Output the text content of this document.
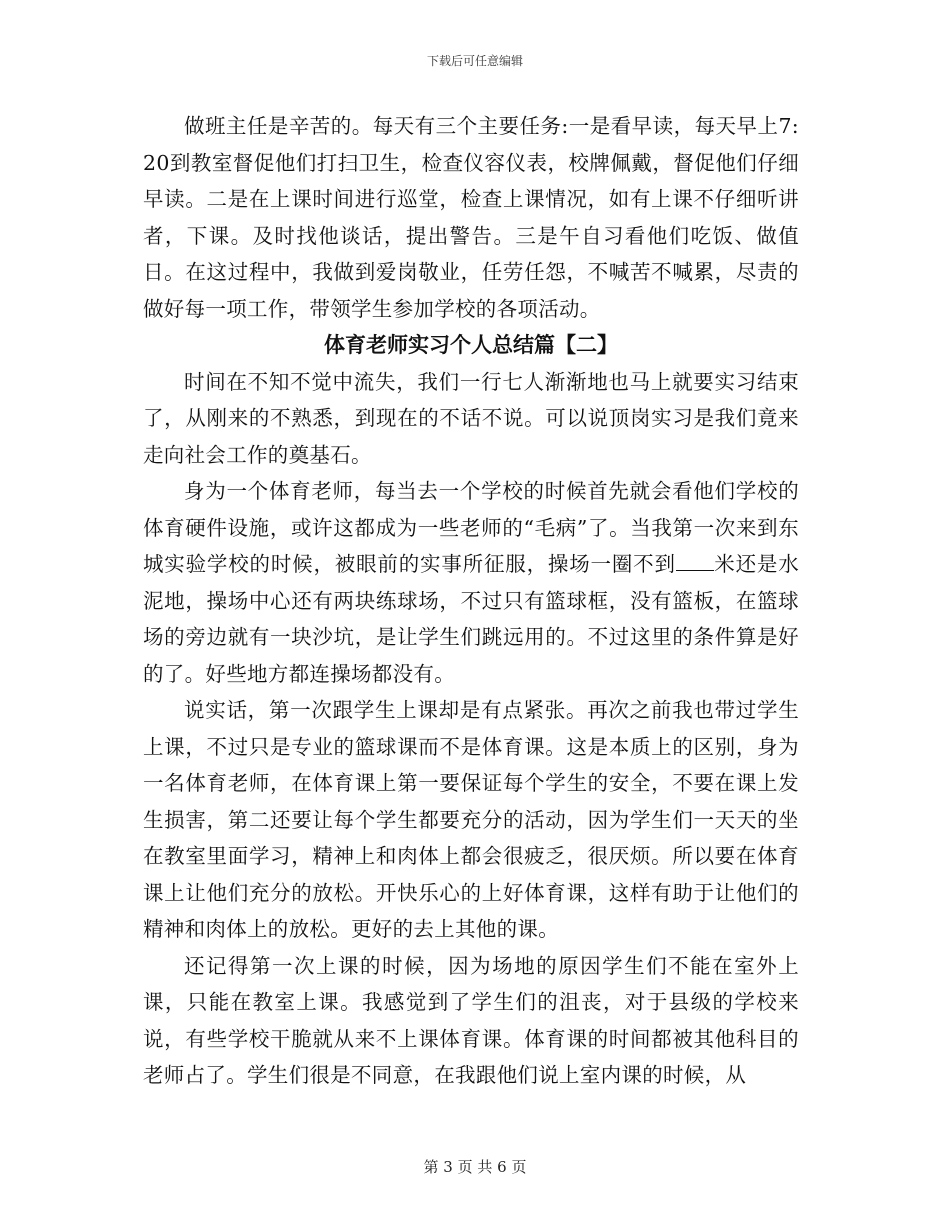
下载后可任意编辑

做班主任是辛苦的。每天有三个主要任务:一是看早读，每天早上7:20到教室督促他们打扫卫生，检查仪容仪表，校牌佩戴，督促他们仔细早读。二是在上课时间进行巡堂，检查上课情况，如有上课不仔细听讲者，下课。及时找他谈话，提出警告。三是午自习看他们吃饭、做值日。在这过程中，我做到爱岗敬业，任劳任怨，不喊苦不喊累，尽责的做好每一项工作，带领学生参加学校的各项活动。

体育老师实习个人总结篇【二】

时间在不知不觉中流失，我们一行七人渐渐地也马上就要实习结束了，从刚来的不熟悉，到现在的不话不说。可以说顶岗实习是我们竟来走向社会工作的奠基石。

身为一个体育老师，每当去一个学校的时候首先就会看他们学校的体育硬件设施，或许这都成为一些老师的“毛病”了。当我第一次来到东城实验学校的时候，被眼前的实事所征服，操场一圈不到 米还是水泥地，操场中心还有两块练球场，不过只有篮球框，没有篮板，在篮球场的旁边就有一块沙坑，是让学生们跳远用的。不过这里的条件算是好的了。好些地方都连操场都没有。

说实话，第一次跟学生上课却是有点紧张。再次之前我也带过学生上课，不过只是专业的篮球课而不是体育课。这是本质上的区别，身为一名体育老师，在体育课上第一要保证每个学生的安全，不要在课上发生损害，第二还要让每个学生都要充分的活动，因为学生们一天天的坐在教室里面学习，精神上和肉体上都会很疲乏，很厌烦。所以要在体育课上让他们充分的放松。开快乐心的上好体育课，这样有助于让他们的精神和肉体上的放松。更好的去上其他的课。

还记得第一次上课的时候，因为场地的原因学生们不能在室外上课，只能在教室上课。我感觉到了学生们的沮丧，对于县级的学校来说，有些学校干脆就从来不上课体育课。体育课的时间都被其他科目的老师占了。学生们很是不同意，在我跟他们说上室内课的时候，从

第 3 页 共 6 页
